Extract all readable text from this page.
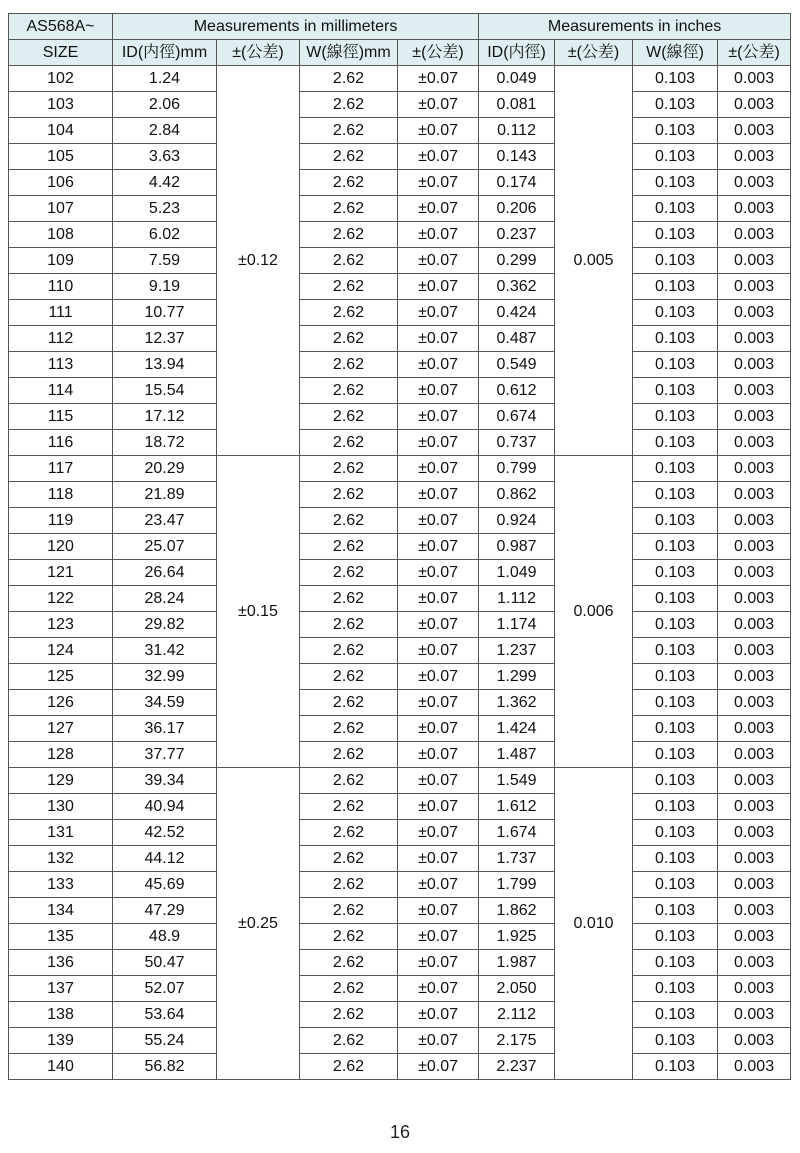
AS568A~	Measurements in millimeters				Measurements in inches			
SIZE	ID(内徑)mm	±(公差)	W(線徑)mm	±(公差)	ID(内徑)	±(公差)	W(線徑)	±(公差)
102	1.24	±0.12	2.62	±0.07	0.049	0.005	0.103	0.003
103	2.06		2.62	±0.07	0.081		0.103	0.003
104	2.84		2.62	±0.07	0.112		0.103	0.003
105	3.63		2.62	±0.07	0.143		0.103	0.003
106	4.42		2.62	±0.07	0.174		0.103	0.003
107	5.23		2.62	±0.07	0.206		0.103	0.003
108	6.02		2.62	±0.07	0.237		0.103	0.003
109	7.59		2.62	±0.07	0.299		0.103	0.003
110	9.19		2.62	±0.07	0.362		0.103	0.003
111	10.77		2.62	±0.07	0.424		0.103	0.003
112	12.37		2.62	±0.07	0.487		0.103	0.003
113	13.94		2.62	±0.07	0.549		0.103	0.003
114	15.54		2.62	±0.07	0.612		0.103	0.003
115	17.12		2.62	±0.07	0.674		0.103	0.003
116	18.72		2.62	±0.07	0.737		0.103	0.003
117	20.29	±0.15	2.62	±0.07	0.799	0.006	0.103	0.003
118	21.89		2.62	±0.07	0.862		0.103	0.003
119	23.47		2.62	±0.07	0.924		0.103	0.003
120	25.07		2.62	±0.07	0.987		0.103	0.003
121	26.64		2.62	±0.07	1.049		0.103	0.003
122	28.24		2.62	±0.07	1.112		0.103	0.003
123	29.82		2.62	±0.07	1.174		0.103	0.003
124	31.42		2.62	±0.07	1.237		0.103	0.003
125	32.99		2.62	±0.07	1.299		0.103	0.003
126	34.59		2.62	±0.07	1.362		0.103	0.003
127	36.17		2.62	±0.07	1.424		0.103	0.003
128	37.77		2.62	±0.07	1.487		0.103	0.003
129	39.34	±0.25	2.62	±0.07	1.549	0.010	0.103	0.003
130	40.94		2.62	±0.07	1.612		0.103	0.003
131	42.52		2.62	±0.07	1.674		0.103	0.003
132	44.12		2.62	±0.07	1.737		0.103	0.003
133	45.69		2.62	±0.07	1.799		0.103	0.003
134	47.29		2.62	±0.07	1.862		0.103	0.003
135	48.9		2.62	±0.07	1.925		0.103	0.003
136	50.47		2.62	±0.07	1.987		0.103	0.003
137	52.07		2.62	±0.07	2.050		0.103	0.003
138	53.64		2.62	±0.07	2.112		0.103	0.003
139	55.24		2.62	±0.07	2.175		0.103	0.003
140	56.82		2.62	±0.07	2.237		0.103	0.003
16
